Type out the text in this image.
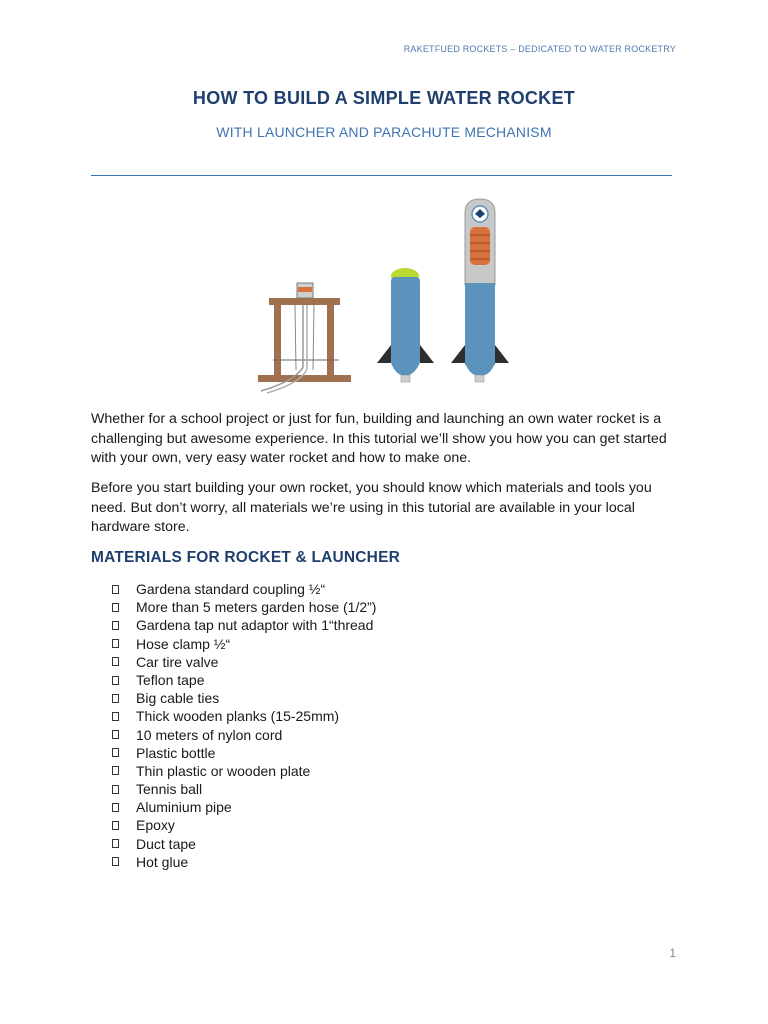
RAKETFUED ROCKETS – DEDICATED TO WATER ROCKETRY
HOW TO BUILD A SIMPLE WATER ROCKET
WITH LAUNCHER AND PARACHUTE MECHANISM
Whether for a school project or just for fun, building and launching an own water rocket is a challenging but awesome experience. In this tutorial we’ll show you how you can get started with your own, very easy water rocket and how to make one.
Before you start building your own rocket, you should know which materials and tools you need. But don’t worry, all materials we’re using in this tutorial are available in your local hardware store.
MATERIALS FOR ROCKET & LAUNCHER
Gardena standard coupling ½“
More than 5 meters garden hose (1/2”)
Gardena tap nut adaptor with 1“thread
Hose clamp ½“
Car tire valve
Teflon tape
Big cable ties
Thick wooden planks (15-25mm)
10 meters of nylon cord
Plastic bottle
Thin plastic or wooden plate
Tennis ball
Aluminium pipe
Epoxy
Duct tape
Hot glue
1
